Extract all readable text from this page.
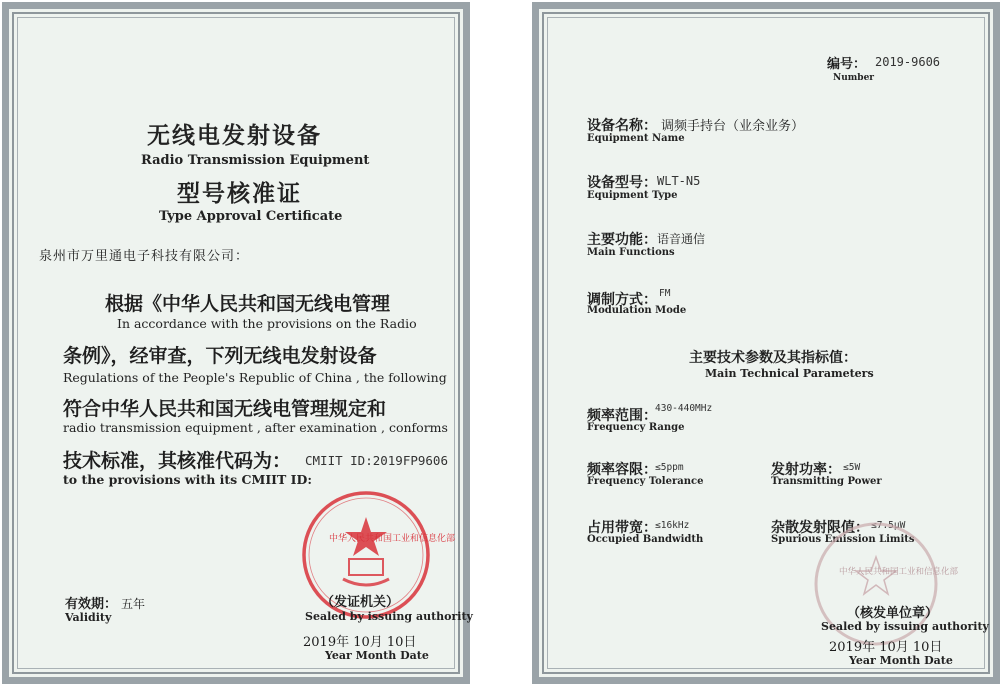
无线电发射设备
Radio Transmission Equipment
型号核准证
Type Approval Certificate
泉州市万里通电子科技有限公司：
根据《中华人民共和国无线电管理
In accordance with the provisions on the Radio
条例》，经审查，下列无线电发射设备
Regulations of the People's Republic of China , the following
符合中华人民共和国无线电管理规定和
radio transmission equipment , after examination , conforms
技术标准，其核准代码为： CMIIT ID:2019FP9606
to the provisions with its CMIIT ID:
中华人民共和国工业和信息化部
（发证机关）
Sealed by issuing authority
有效期： 五年
Validity
2019年 10月 10日
Year Month Date
编号： 2019-9606
Number
设备名称： 调频手持台（业余业务）
Equipment Name
设备型号： WLT-N5
Equipment Type
主要功能： 语音通信
Main Functions
调制方式： FM
Modulation Mode
主要技术参数及其指标值：
Main Technical Parameters
频率范围：
430-440MHz
Frequency Range
频率容限：
≤5ppm
Frequency Tolerance
发射功率： ≤5W
Transmitting Power
占用带宽：
≤16kHz
Occupied Bandwidth
杂散发射限值： ≤7.5μW
Spurious Emission Limits
中华人民共和国工业和信息化部
（核发单位章）
Sealed by issuing authority
2019年 10月 10日
Year Month Date
